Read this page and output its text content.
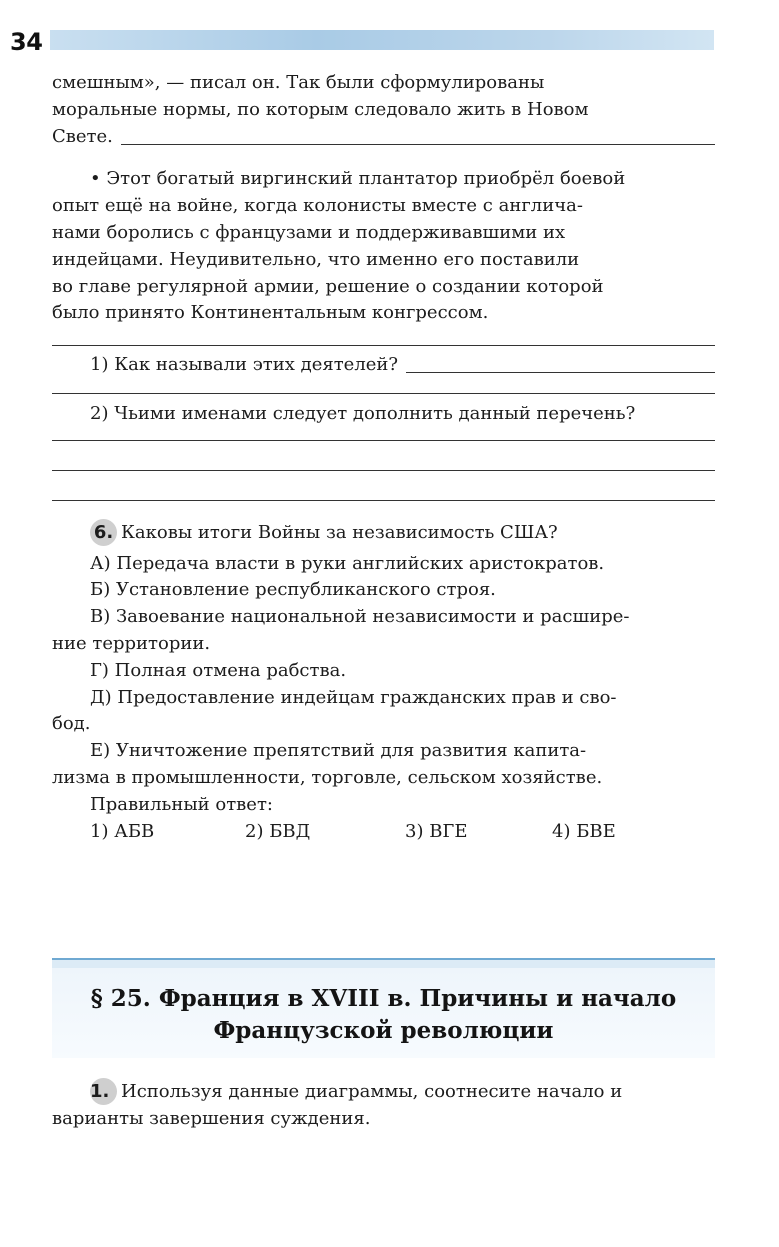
34

смешным», — писал он. Так были сформулированы

моральные нормы, по которым следовало жить в Новом

Свете.

• Этот богатый виргинский плантатор приобрёл боевой

опыт ещё на войне, когда колонисты вместе с англича-

нами боролись с французами и поддерживавшими их

индейцами. Неудивительно, что именно его поставили

во главе регулярной армии, решение о создании которой

было принято Континентальным конгрессом.

1) Как называли этих деятелей?

2) Чьими именами следует дополнить данный перечень?

6. Каковы итоги Войны за независимость США?

А) Передача власти в руки английских аристократов.

Б) Установление республиканского строя.

В) Завоевание национальной независимости и расшире-

ние территории.

Г) Полная отмена рабства.

Д) Предоставление индейцам гражданских прав и сво-

бод.

Е) Уничтожение препятствий для развития капита-

лизма в промышленности, торговле, сельском хозяйстве.

Правильный ответ:

1) АБВ	2) БВД	3) ВГЕ	4) БВЕ
§ 25. Франция в XVIII в. Причины и начало
Французской революции

1. Используя данные диаграммы, соотнесите начало и

варианты завершения суждения.
